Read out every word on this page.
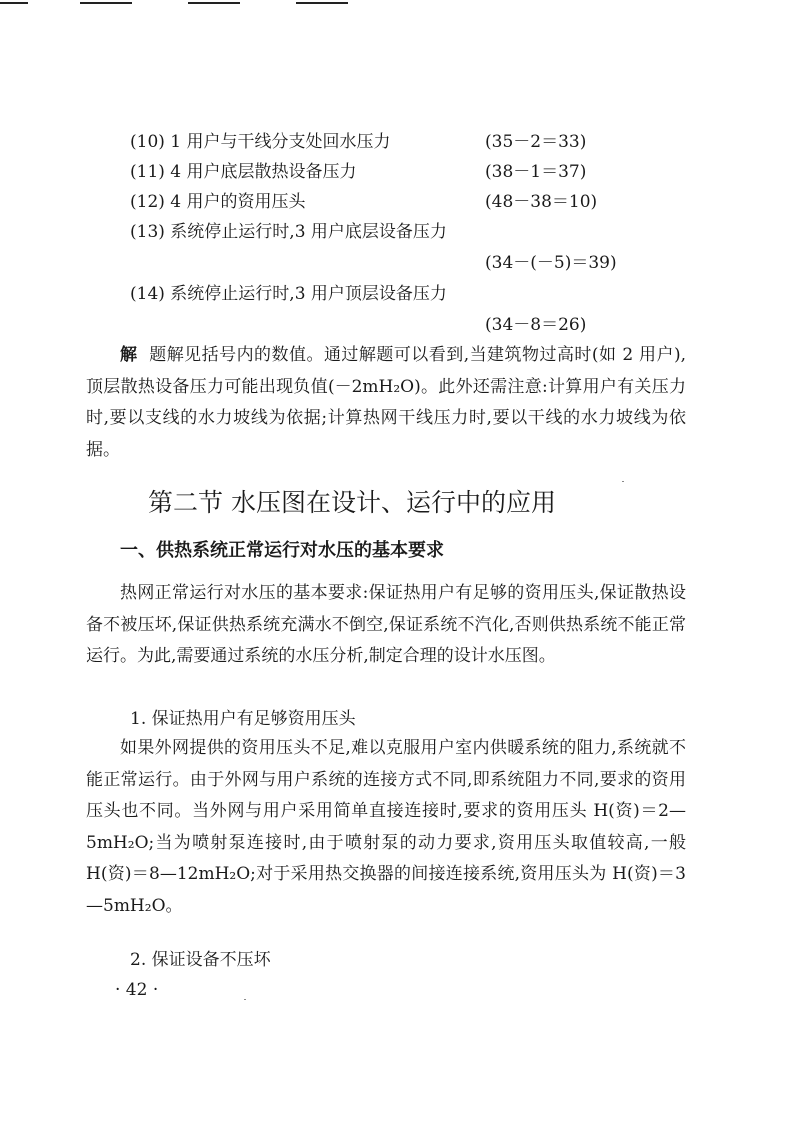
(10) 1 用户与干线分支处回水压力	(35－2＝33)
(11) 4 用户底层散热设备压力	(38－1＝37)
(12) 4 用户的资用压头	(48－38＝10)
(13) 系统停止运行时,3 用户底层设备压力
(34－(－5)＝39)
(14) 系统停止运行时,3 用户顶层设备压力
(34－8＝26)

解 题解见括号内的数值。通过解题可以看到,当建筑物过高时(如 2 用户),顶层散热设备压力可能出现负值(－2mH₂O)。此外还需注意:计算用户有关压力时,要以支线的水力坡线为依据;计算热网干线压力时,要以干线的水力坡线为依据。

第二节 水压图在设计、运行中的应用
一、供热系统正常运行对水压的基本要求

热网正常运行对水压的基本要求:保证热用户有足够的资用压头,保证散热设备不被压坏,保证供热系统充满水不倒空,保证系统不汽化,否则供热系统不能正常运行。为此,需要通过系统的水压分析,制定合理的设计水压图。

1. 保证热用户有足够资用压头

如果外网提供的资用压头不足,难以克服用户室内供暖系统的阻力,系统就不能正常运行。由于外网与用户系统的连接方式不同,即系统阻力不同,要求的资用压头也不同。当外网与用户采用简单直接连接时,要求的资用压头 H(资)＝2—5mH₂O;当为喷射泵连接时,由于喷射泵的动力要求,资用压头取值较高,一般 H(资)＝8—12mH₂O;对于采用热交换器的间接连接系统,资用压头为 H(资)＝3—5mH₂O。

2. 保证设备不压坏
· 42 ·
